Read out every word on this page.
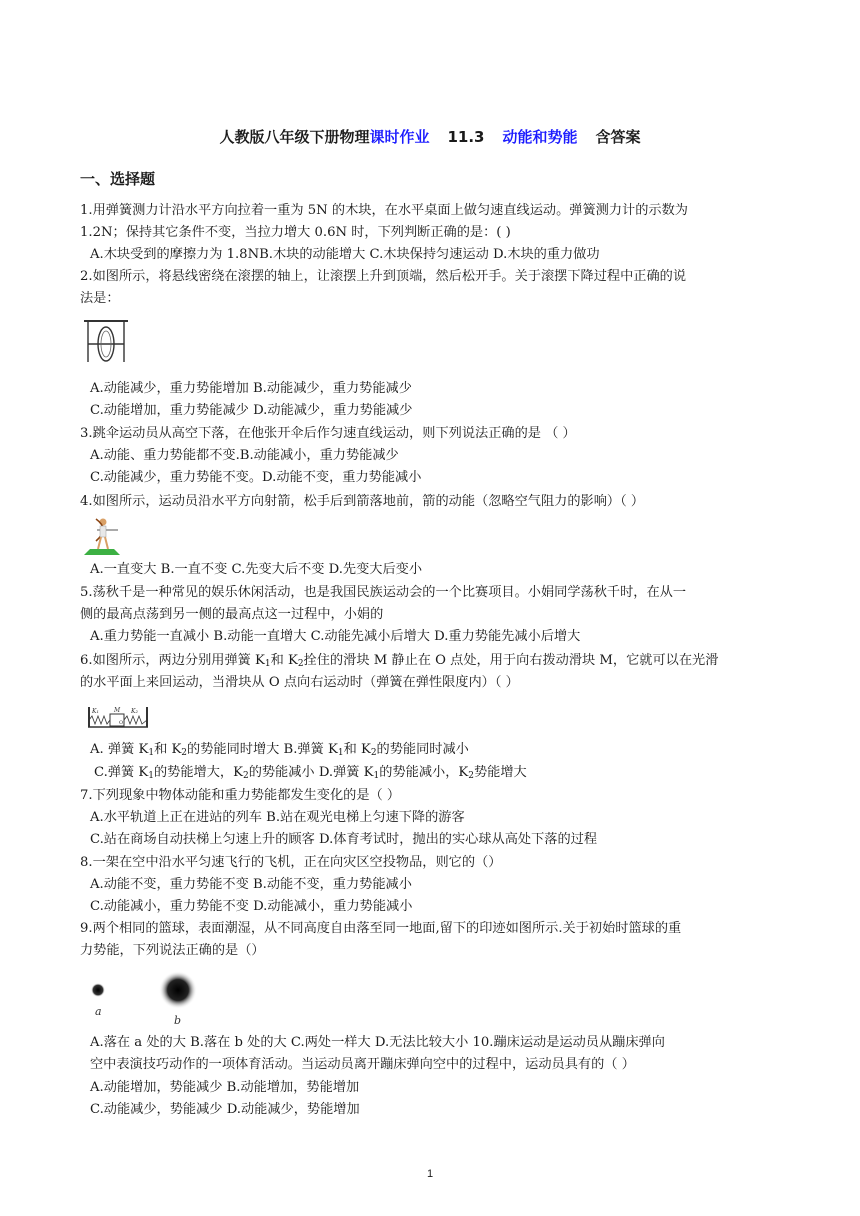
人教版八年级下册物理课时作业 11.3 动能和势能 含答案
一、选择题
1.用弹簧测力计沿水平方向拉着一重为 5N 的木块，在水平桌面上做匀速直线运动。弹簧测力计的示数为
1.2N；保持其它条件不变，当拉力增大 0.6N 时，下列判断正确的是：( )
A.木块受到的摩擦力为 1.8NB.木块的动能增大 C.木块保持匀速运动 D.木块的重力做功
2.如图所示，将悬线密绕在滚摆的轴上，让滚摆上升到顶端，然后松开手。关于滚摆下降过程中正确的说
法是：
A.动能减少，重力势能增加 B.动能减少，重力势能减少
C.动能增加，重力势能减少 D.动能减少，重力势能减少
3.跳伞运动员从高空下落，在他张开伞后作匀速直线运动，则下列说法正确的是 （ ）
A.动能、重力势能都不变.B.动能减小，重力势能减少
C.动能减少，重力势能不变。D.动能不变，重力势能减小
4.如图所示，运动员沿水平方向射箭，松手后到箭落地前，箭的动能（忽略空气阻力的影响）（ ）
A.一直变大 B.一直不变 C.先变大后不变 D.先变大后变小
5.荡秋千是一种常见的娱乐休闲活动，也是我国民族运动会的一个比赛项目。小娟同学荡秋千时，在从一
侧的最高点荡到另一侧的最高点这一过程中，小娟的
A.重力势能一直减小 B.动能一直增大 C.动能先减小后增大 D.重力势能先减小后增大
6.如图所示，两边分别用弹簧 $K_1$和 $K_2$拴住的滑块 M 静止在 O 点处，用于向右拨动滑块 M，它就可以在光滑
的水平面上来回运动，当滑块从 O 点向右运动时（弹簧在弹性限度内）（ ）
K₁	M
O
K₂
A. 弹簧 $K_1$和 $K_2$的势能同时增大 B.弹簧 $K_1$和 $K_2$的势能同时减小
C.弹簧 $K_1$的势能增大，$K_2$的势能减小 D.弹簧 $K_1$的势能减小，$K_2$势能增大
7.下列现象中物体动能和重力势能都发生变化的是（ ）
A.水平轨道上正在进站的列车 B.站在观光电梯上匀速下降的游客
C.站在商场自动扶梯上匀速上升的顾客 D.体育考试时，抛出的实心球从高处下落的过程
8.一架在空中沿水平匀速飞行的飞机，正在向灾区空投物品，则它的（）
A.动能不变，重力势能不变 B.动能不变，重力势能减小
C.动能减小，重力势能不变 D.动能减小，重力势能减小
9.两个相同的篮球，表面潮湿，从不同高度自由落至同一地面,留下的印迹如图所示.关于初始时篮球的重
力势能，下列说法正确的是（）
a
b
A.落在 a 处的大 B.落在 b 处的大 C.两处一样大 D.无法比较大小 10.蹦床运动是运动员从蹦床弹向
空中表演技巧动作的一项体育活动。当运动员离开蹦床弹向空中的过程中，运动员具有的（ ）
A.动能增加，势能减少 B.动能增加，势能增加
C.动能减少，势能减少 D.动能减少，势能增加
1
